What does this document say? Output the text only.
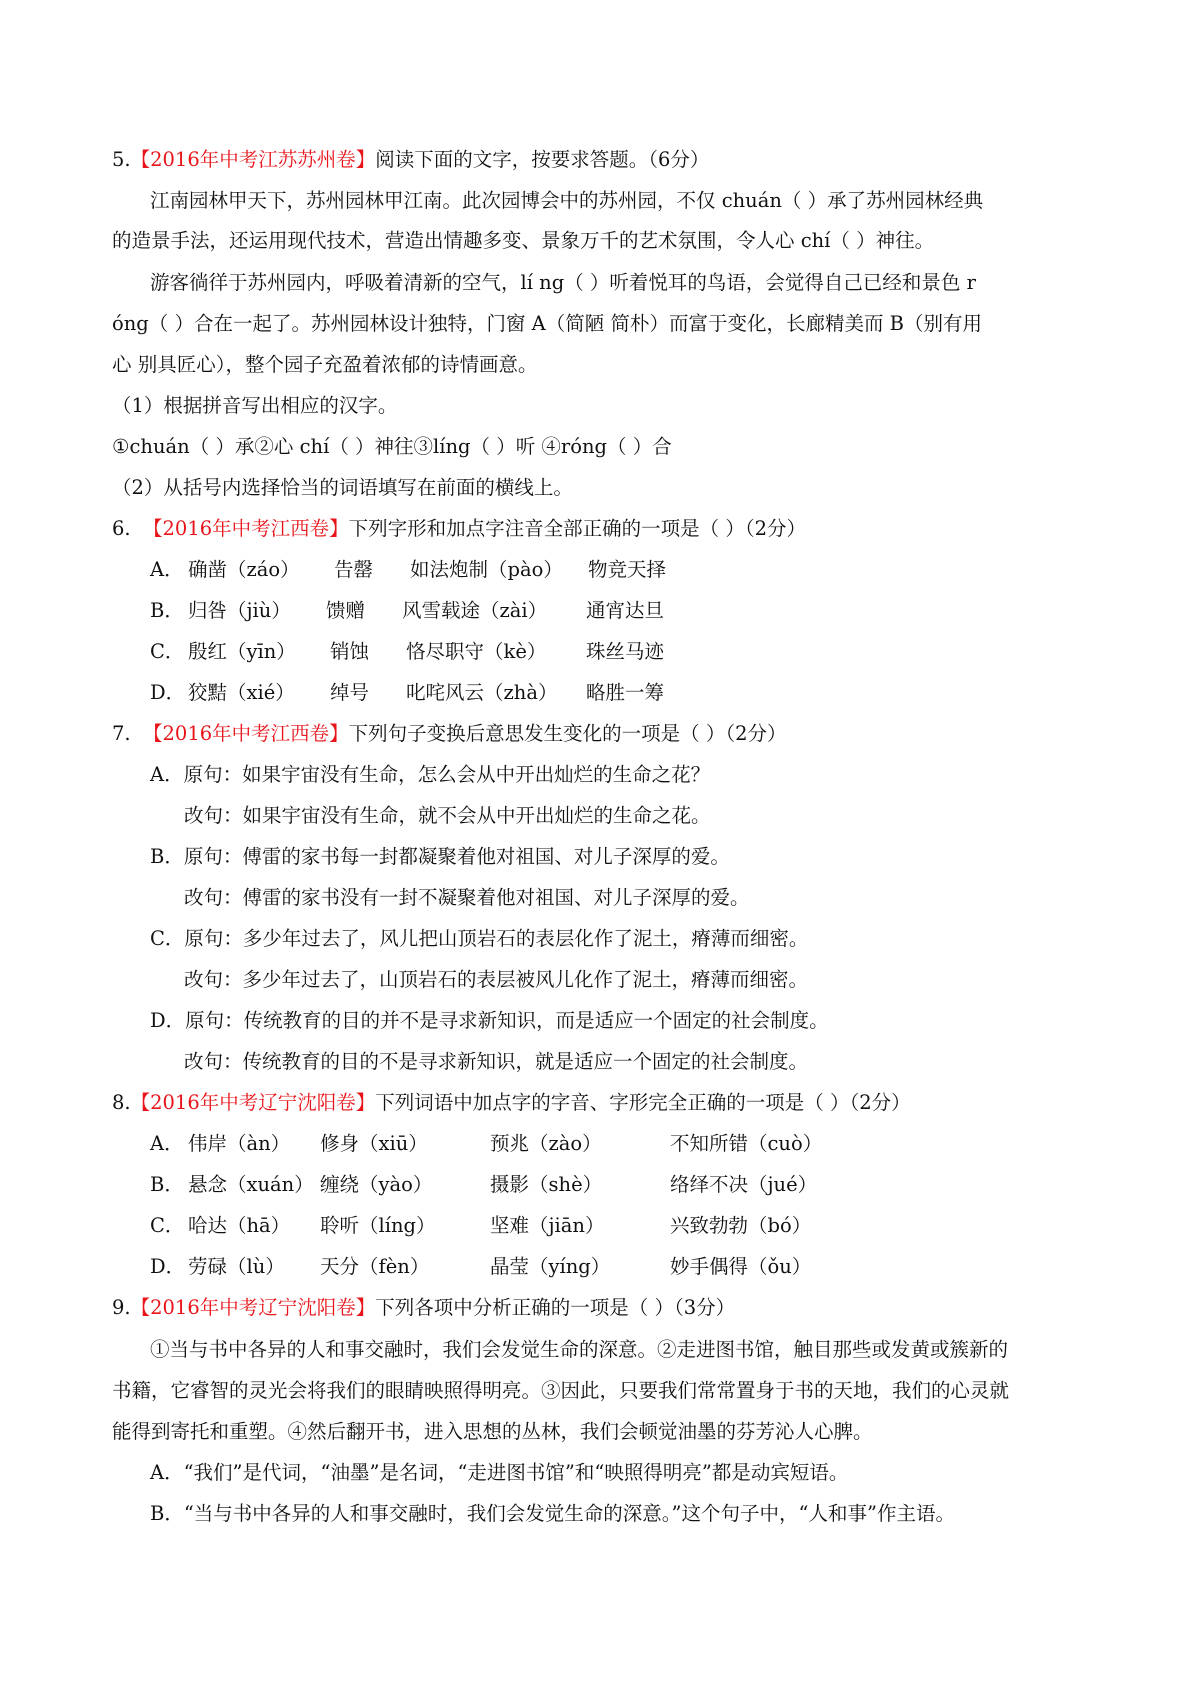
5.【2016年中考江苏苏州卷】阅读下面的文字，按要求答题。（6分）
江南园林甲天下，苏州园林甲江南。此次园博会中的苏州园，不仅 chuán（ ）承了苏州园林经典
的造景手法，还运用现代技术，营造出情趣多变、景象万千的艺术氛围，令人心 chí（ ）神往。
游客徜徉于苏州园内，呼吸着清新的空气，lí ng（ ）听着悦耳的鸟语，会觉得自己已经和景色 r
óng（ ）合在一起了。苏州园林设计独特，门窗 A（简陋 简朴）而富于变化，长廊精美而 B（别有用
心 别具匠心），整个园子充盈着浓郁的诗情画意。
（1）根据拼音写出相应的汉字。
①chuán（ ）承②心 chí（ ）神往③líng（ ）听 ④róng（ ）合
（2）从括号内选择恰当的词语填写在前面的横线上。
6. 【2016年中考江西卷】下列字形和加点字注音全部正确的一项是（ ）（2分）
A． 确凿（záo） 告罄 如法炮制（pào） 物竞天择
B． 归咎（jiù） 馈赠 风雪载途（zài） 通宵达旦
C． 殷红（yīn） 销蚀 恪尽职守（kè） 珠丝马迹
D． 狡黠（xié） 绰号 叱咤风云（zhà） 略胜一筹
7. 【2016年中考江西卷】下列句子变换后意思发生变化的一项是（ ）（2分）
A．原句：如果宇宙没有生命，怎么会从中开出灿烂的生命之花？
改句：如果宇宙没有生命，就不会从中开出灿烂的生命之花。
B．原句：傅雷的家书每一封都凝聚着他对祖国、对儿子深厚的爱。
改句：傅雷的家书没有一封不凝聚着他对祖国、对儿子深厚的爱。
C．原句：多少年过去了，风儿把山顶岩石的表层化作了泥土，瘠薄而细密。
改句：多少年过去了，山顶岩石的表层被风儿化作了泥土，瘠薄而细密。
D．原句：传统教育的目的并不是寻求新知识，而是适应一个固定的社会制度。
改句：传统教育的目的不是寻求新知识，就是适应一个固定的社会制度。
8.【2016年中考辽宁沈阳卷】下列词语中加点字的字音、字形完全正确的一项是（ ）（2分）
A． 伟岸（àn） 修身（xiū）	预兆（zào）	不知所错（cuò）
B． 悬念（xuán） 缠绕（yào）	摄影（shè）	络绎不决（jué）
C． 哈达（hā） 聆听（líng）	坚难（jiān）	兴致勃勃（bó）
D． 劳碌（lù） 天分（fèn）	晶莹（yíng）	妙手偶得（ǒu）
9.【2016年中考辽宁沈阳卷】下列各项中分析正确的一项是（ ）（3分）
①当与书中各异的人和事交融时，我们会发觉生命的深意。②走进图书馆，触目那些或发黄或簇新的
书籍，它睿智的灵光会将我们的眼睛映照得明亮。③因此，只要我们常常置身于书的天地，我们的心灵就
能得到寄托和重塑。④然后翻开书，进入思想的丛林，我们会顿觉油墨的芬芳沁人心脾。
A．“我们”是代词，“油墨”是名词，“走进图书馆”和“映照得明亮”都是动宾短语。
B．“当与书中各异的人和事交融时，我们会发觉生命的深意。”这个句子中，“人和事”作主语。
